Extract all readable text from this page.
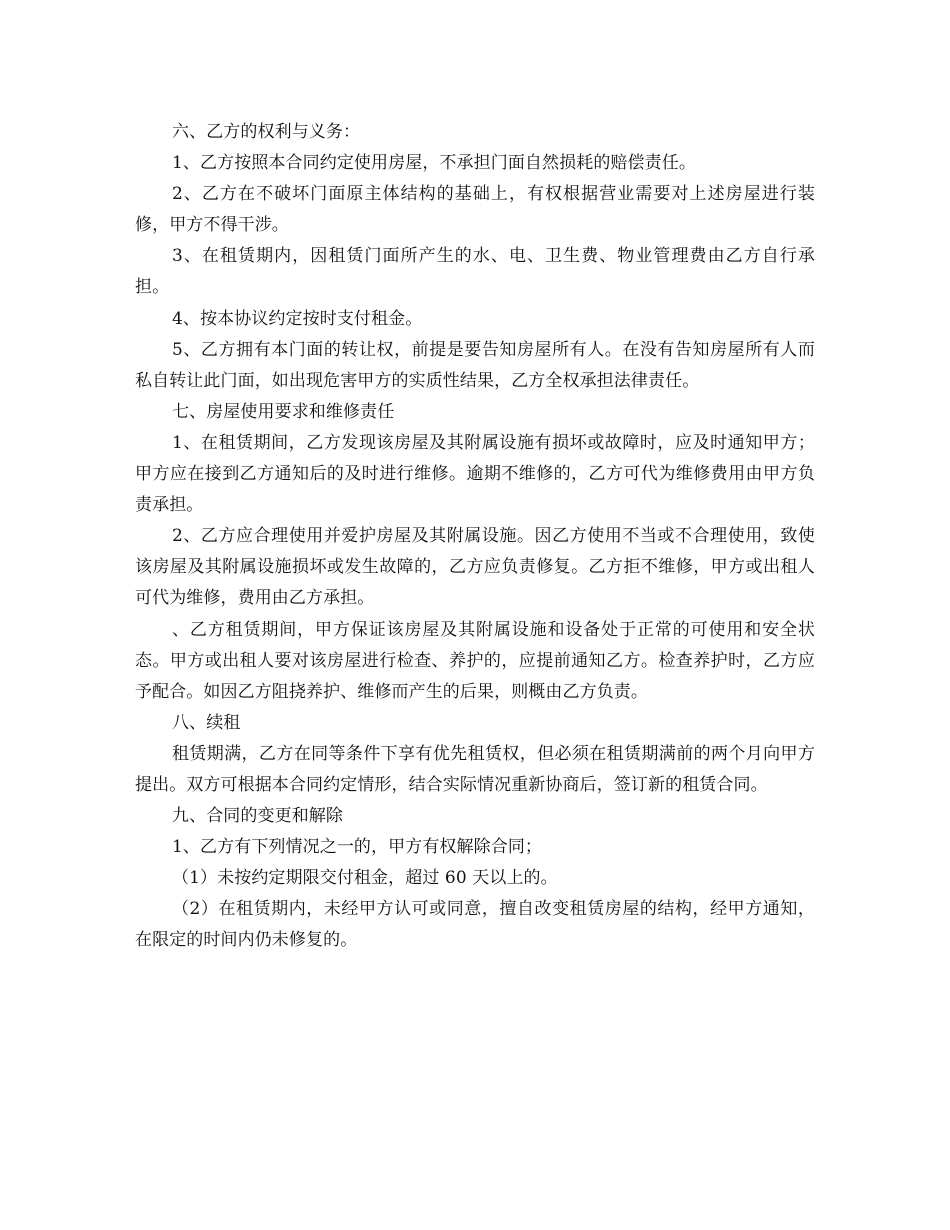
六、乙方的权利与义务：

1、乙方按照本合同约定使用房屋，不承担门面自然损耗的赔偿责任。

2、乙方在不破坏门面原主体结构的基础上，有权根据营业需要对上述房屋进行装修，甲方不得干涉。

3、在租赁期内，因租赁门面所产生的水、电、卫生费、物业管理费由乙方自行承担。

4、按本协议约定按时支付租金。

5、乙方拥有本门面的转让权，前提是要告知房屋所有人。在没有告知房屋所有人而私自转让此门面，如出现危害甲方的实质性结果，乙方全权承担法律责任。

七、房屋使用要求和维修责任

1、在租赁期间，乙方发现该房屋及其附属设施有损坏或故障时，应及时通知甲方；甲方应在接到乙方通知后的及时进行维修。逾期不维修的，乙方可代为维修费用由甲方负责承担。

2、乙方应合理使用并爱护房屋及其附属设施。因乙方使用不当或不合理使用，致使该房屋及其附属设施损坏或发生故障的，乙方应负责修复。乙方拒不维修，甲方或出租人可代为维修，费用由乙方承担。

、乙方租赁期间，甲方保证该房屋及其附属设施和设备处于正常的可使用和安全状态。甲方或出租人要对该房屋进行检查、养护的，应提前通知乙方。检查养护时，乙方应予配合。如因乙方阻挠养护、维修而产生的后果，则概由乙方负责。

八、续租

租赁期满，乙方在同等条件下享有优先租赁权，但必须在租赁期满前的两个月向甲方提出。双方可根据本合同约定情形，结合实际情况重新协商后，签订新的租赁合同。

九、合同的变更和解除

1、乙方有下列情况之一的，甲方有权解除合同；

（1）未按约定期限交付租金，超过 60 天以上的。

（2）在租赁期内，未经甲方认可或同意，擅自改变租赁房屋的结构，经甲方通知，在限定的时间内仍未修复的。
